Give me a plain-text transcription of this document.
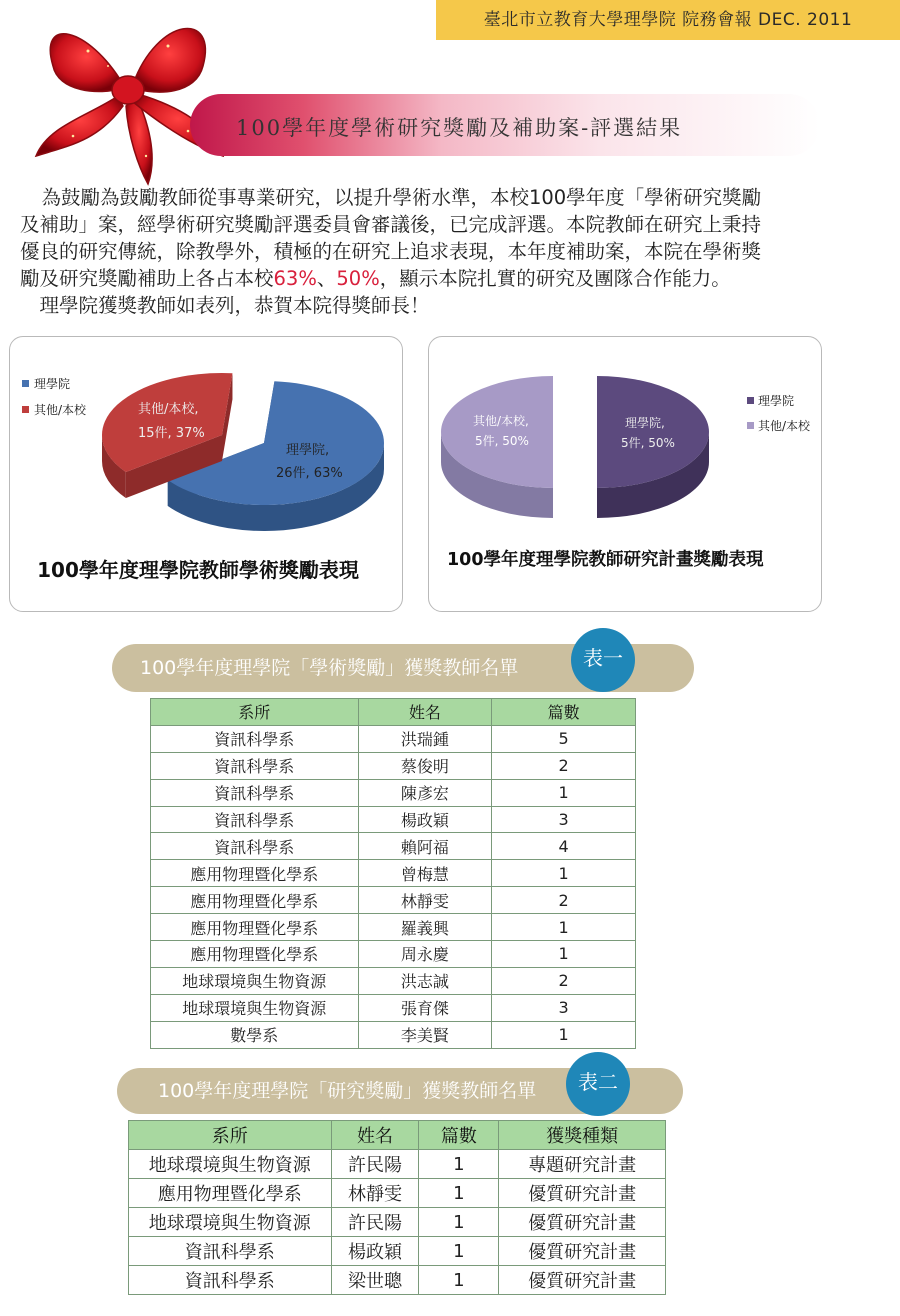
臺北市立教育大學理學院 院務會報 DEC. 2011
100學年度學術研究獎勵及補助案-評選結果

　 為鼓勵為鼓勵教師從事專業研究，以提升學術水準，本校100學年度「學術研究獎勵

及補助」案，經學術研究獎勵評選委員會審議後，已完成評選。本院教師在研究上秉持

優良的研究傳統，除教學外，積極的在研究上追求表現，本年度補助案，本院在學術獎

勵及研究獎勵補助上各占本校63%、50%，顯示本院扎實的研究及團隊合作能力。

　理學院獲獎教師如表列，恭賀本院得獎師長！

理學院,
26件, 63%
其他/本校,
15件, 37%
理學院
其他/本校
100學年度理學院教師學術獎勵表現
理學院,
5件, 50%
其他/本校,
5件, 50%
理學院
其他/本校
100學年度理學院教師研究計畫獎勵表現
100學年度理學院「學術獎勵」獲獎教師名單	表一
系所	姓名	篇數
資訊科學系	洪瑞鍾	5
資訊科學系	蔡俊明	2
資訊科學系	陳彥宏	1
資訊科學系	楊政穎	3
資訊科學系	賴阿福	4
應用物理暨化學系	曾梅慧	1
應用物理暨化學系	林靜雯	2
應用物理暨化學系	羅義興	1
應用物理暨化學系	周永慶	1
地球環境與生物資源	洪志誠	2
地球環境與生物資源	張育傑	3
數學系	李美賢	1
100學年度理學院「研究獎勵」獲獎教師名單	表二
系所	姓名	篇數	獲獎種類
地球環境與生物資源	許民陽	1	專題研究計畫
應用物理暨化學系	林靜雯	1	優質研究計畫
地球環境與生物資源	許民陽	1	優質研究計畫
資訊科學系	楊政穎	1	優質研究計畫
資訊科學系	梁世聰	1	優質研究計畫
